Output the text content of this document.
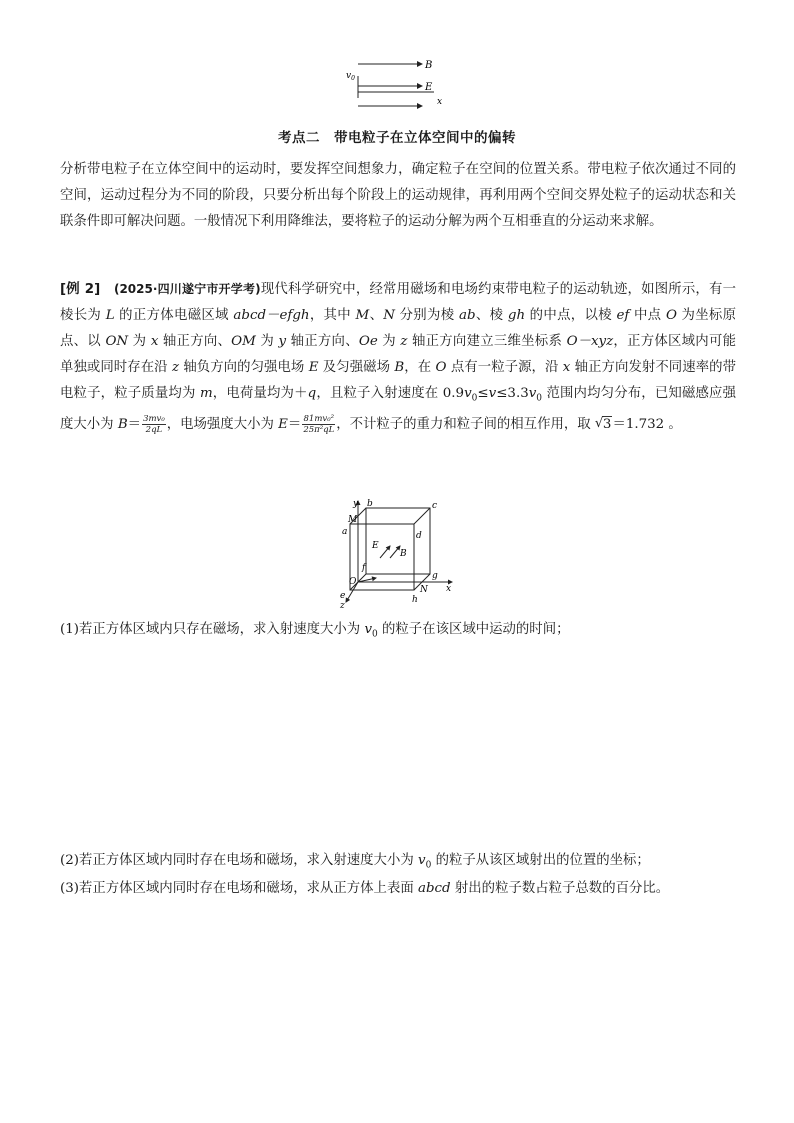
B
$v_0$
E
x
考点二　带电粒子在立体空间中的偏转
分析带电粒子在立体空间中的运动时，要发挥空间想象力，确定粒子在空间的位置关系。带电粒子依次通过不同的空间，运动过程分为不同的阶段，只要分析出每个阶段上的运动规律，再利用两个空间交界处粒子的运动状态和关联条件即可解决问题。一般情况下利用降维法，要将粒子的运动分解为两个互相垂直的分运动来求解。
[例 2]　 (2025·四川遂宁市开学考)现代科学研究中，经常用磁场和电场约束带电粒子的运动轨迹，如图所示，有一棱长为 L 的正方体电磁区域 abcd－efgh，其中 M、N 分别为棱 ab、棱 gh 的中点，以棱 ef 中点 O 为坐标原点、以 ON 为 x 轴正方向、OM 为 y 轴正方向、Oe 为 z 轴正方向建立三维坐标系 O－xyz，正方体区域内可能单独或同时存在沿 z 轴负方向的匀强电场 E 及匀强磁场 B，在 O 点有一粒子源，沿 x 轴正方向发射不同速率的带电粒子，粒子质量均为 m，电荷量均为＋q，且粒子入射速度在 $0.9v_0\le v\le 3.3v_0$ 范围内均匀分布，已知磁感应强度大小为 $B= \frac{\text{3mv₀}}{2qL}$ ，电场强度大小为 $E= \frac{\text{81mv₀²}}{\text{25π²qL}}$ ，不计粒子的重力和粒子间的相互作用，取 √ 3＝1.732 。
y b	c
M
a	d
E
B
f
O
g
N x
e	h
z
(1)若正方体区域内只存在磁场，求入射速度大小为 $v_0$ 的粒子在该区域中运动的时间；
(2)若正方体区域内同时存在电场和磁场，求入射速度大小为 $v_0$ 的粒子从该区域射出的位置的坐标；
(3)若正方体区域内同时存在电场和磁场，求从正方体上表面 abcd 射出的粒子数占粒子总数的百分比。
